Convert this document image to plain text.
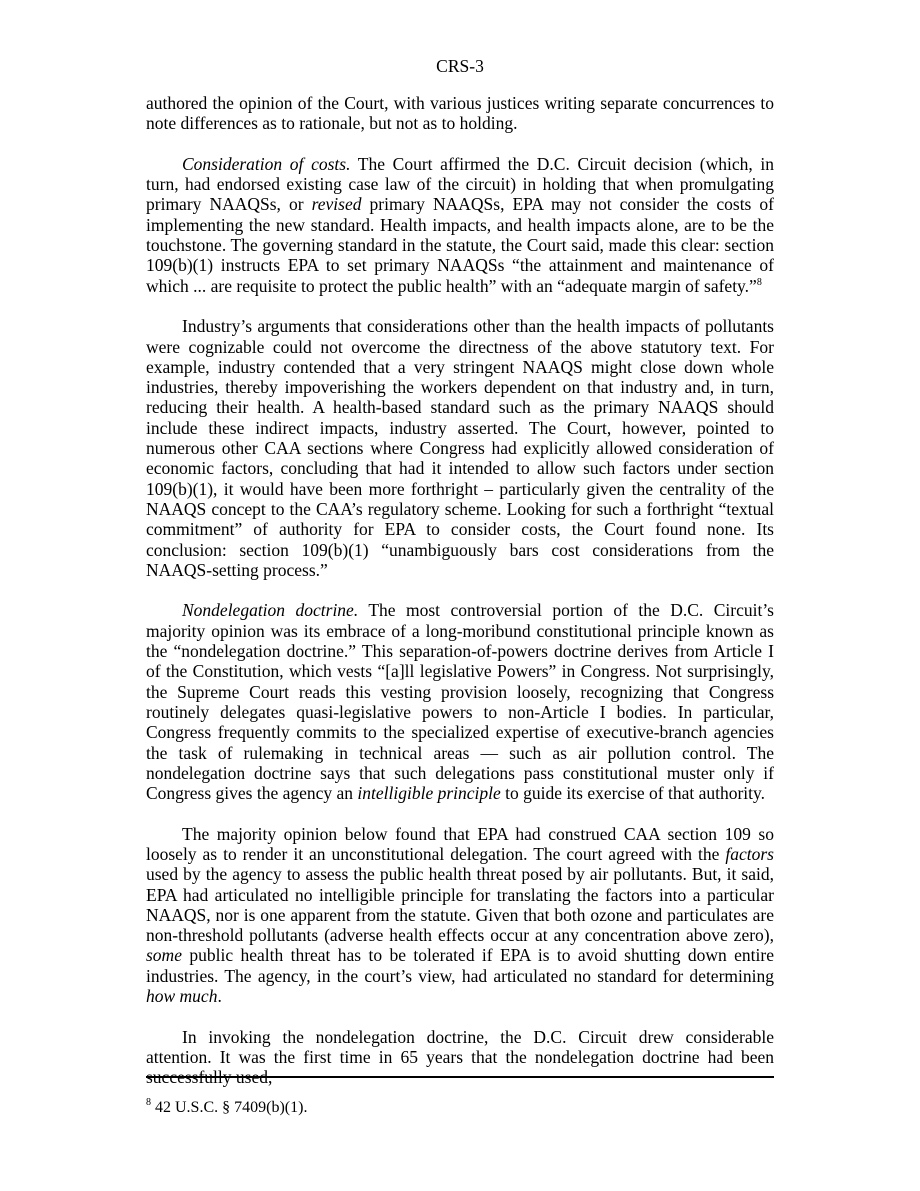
CRS-3

authored the opinion of the Court, with various justices writing separate concurrences to note differences as to rationale, but not as to holding.

Consideration of costs. The Court affirmed the D.C. Circuit decision (which, in turn, had endorsed existing case law of the circuit) in holding that when promulgating primary NAAQSs, or revised primary NAAQSs, EPA may not consider the costs of implementing the new standard. Health impacts, and health impacts alone, are to be the touchstone. The governing standard in the statute, the Court said, made this clear: section 109(b)(1) instructs EPA to set primary NAAQSs “the attainment and maintenance of which ... are requisite to protect the public health” with an “adequate margin of safety.”$^8$

Industry’s arguments that considerations other than the health impacts of pollutants were cognizable could not overcome the directness of the above statutory text. For example, industry contended that a very stringent NAAQS might close down whole industries, thereby impoverishing the workers dependent on that industry and, in turn, reducing their health. A health-based standard such as the primary NAAQS should include these indirect impacts, industry asserted. The Court, however, pointed to numerous other CAA sections where Congress had explicitly allowed consideration of economic factors, concluding that had it intended to allow such factors under section 109(b)(1), it would have been more forthright – particularly given the centrality of the NAAQS concept to the CAA’s regulatory scheme. Looking for such a forthright “textual commitment” of authority for EPA to consider costs, the Court found none. Its conclusion: section 109(b)(1) “unambiguously bars cost considerations from the NAAQS-setting process.”

Nondelegation doctrine. The most controversial portion of the D.C. Circuit’s majority opinion was its embrace of a long-moribund constitutional principle known as the “nondelegation doctrine.” This separation-of-powers doctrine derives from Article I of the Constitution, which vests “[a]ll legislative Powers” in Congress. Not surprisingly, the Supreme Court reads this vesting provision loosely, recognizing that Congress routinely delegates quasi-legislative powers to non-Article I bodies. In particular, Congress frequently commits to the specialized expertise of executive-branch agencies the task of rulemaking in technical areas — such as air pollution control. The nondelegation doctrine says that such delegations pass constitutional muster only if Congress gives the agency an intelligible principle to guide its exercise of that authority.

The majority opinion below found that EPA had construed CAA section 109 so loosely as to render it an unconstitutional delegation. The court agreed with the factors used by the agency to assess the public health threat posed by air pollutants. But, it said, EPA had articulated no intelligible principle for translating the factors into a particular NAAQS, nor is one apparent from the statute. Given that both ozone and particulates are non-threshold pollutants (adverse health effects occur at any concentration above zero), some public health threat has to be tolerated if EPA is to avoid shutting down entire industries. The agency, in the court’s view, had articulated no standard for determining how much.

In invoking the nondelegation doctrine, the D.C. Circuit drew considerable attention. It was the first time in 65 years that the nondelegation doctrine had been successfully used,

$^8$ 42 U.S.C. § 7409(b)(1).
